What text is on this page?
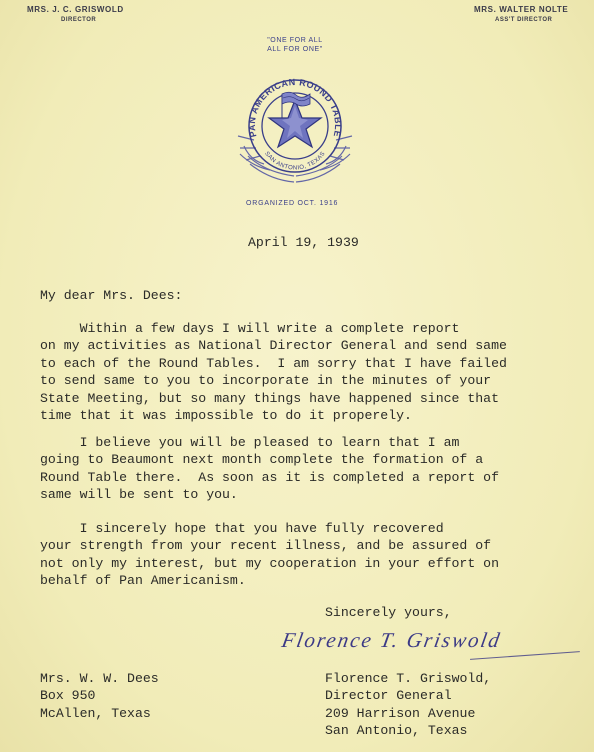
MRS. J. C. GRISWOLD
DIRECTOR
MRS. WALTER NOLTE
ASS'T DIRECTOR
"ONE FOR ALL
ALL FOR ONE"
PAN AMERICAN ROUND TABLE
SAN ANTONIO, TEXAS
ORGANIZED OCT. 1916
April 19, 1939
My dear Mrs. Dees:
Within a few days I will write a complete report
on my activities as National Director General and send same
to each of the Round Tables.  I am sorry that I have failed
to send same to you to incorporate in the minutes of your
State Meeting, but so many things have happened since that
time that it was impossible to do it properely.
I believe you will be pleased to learn that I am
going to Beaumont next month complete the formation of a
Round Table there.  As soon as it is completed a report of
same will be sent to you.
I sincerely hope that you have fully recovered
your strength from your recent illness, and be assured of
not only my interest, but my cooperation in your effort on
behalf of Pan Americanism.
Sincerely yours,
Florence T. Griswold
Mrs. W. W. Dees
Box 950
McAllen, Texas
Florence T. Griswold,
Director General
209 Harrison Avenue
San Antonio, Texas
